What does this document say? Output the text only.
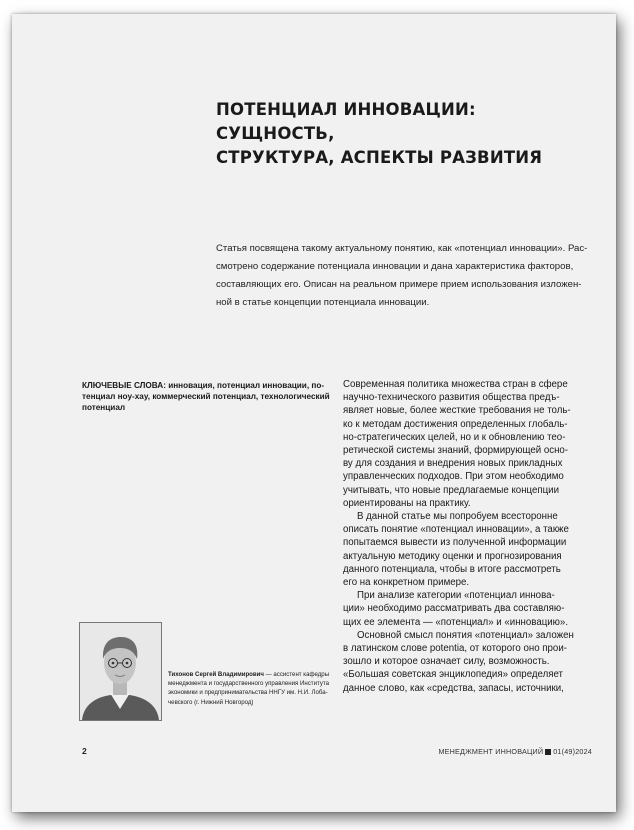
ПОТЕНЦИАЛ ИННОВАЦИИ: СУЩНОСТЬ,
СТРУКТУРА, АСПЕКТЫ РАЗВИТИЯ
Статья посвящена такому актуальному понятию, как «потенциал инновации». Рас-
смотрено содержание потенциала инновации и дана характеристика факторов,
составляющих его. Описан на реальном примере прием использования изложен-
ной в статье концепции потенциала инновации.
КЛЮЧЕВЫЕ СЛОВА: инновация, потенциал инновации, по-
тенциал ноу-хау, коммерческий потенциал, технологический
потенциал
Современная политика множества стран в сфере
научно-технического развития общества предъ-
являет новые, более жесткие требования не толь-
ко к методам достижения определенных глобаль-
но-стратегических целей, но и к обновлению тео-
ретической системы знаний, формирующей осно-
ву для создания и внедрения новых прикладных
управленческих подходов. При этом необходимо
учитывать, что новые предлагаемые концепции
ориентированы на практику.
В данной статье мы попробуем всесторонне
описать понятие «потенциал инновации», а также
попытаемся вывести из полученной информации
актуальную методику оценки и прогнозирования
данного потенциала, чтобы в итоге рассмотреть
его на конкретном примере.
При анализе категории «потенциал иннова-
ции» необходимо рассматривать два составляю-
щих ее элемента — «потенциал» и «инновацию».
Основной смысл понятия «потенциал» заложен
в латинском слове potentia, от которого оно прои-
зошло и которое означает силу, возможность.
«Большая советская энциклопедия» определяет
данное слово, как «средства, запасы, источники,
Тихонов Сергей Владимирович — ассистент кафедры
менеджмента и государственного управления Института
экономики и предпринимательства ННГУ им. Н.И. Лоба-
чевского (г. Нижний Новгород)
2	МЕНЕДЖМЕНТ ИННОВАЦИЙ 01(49)2024
